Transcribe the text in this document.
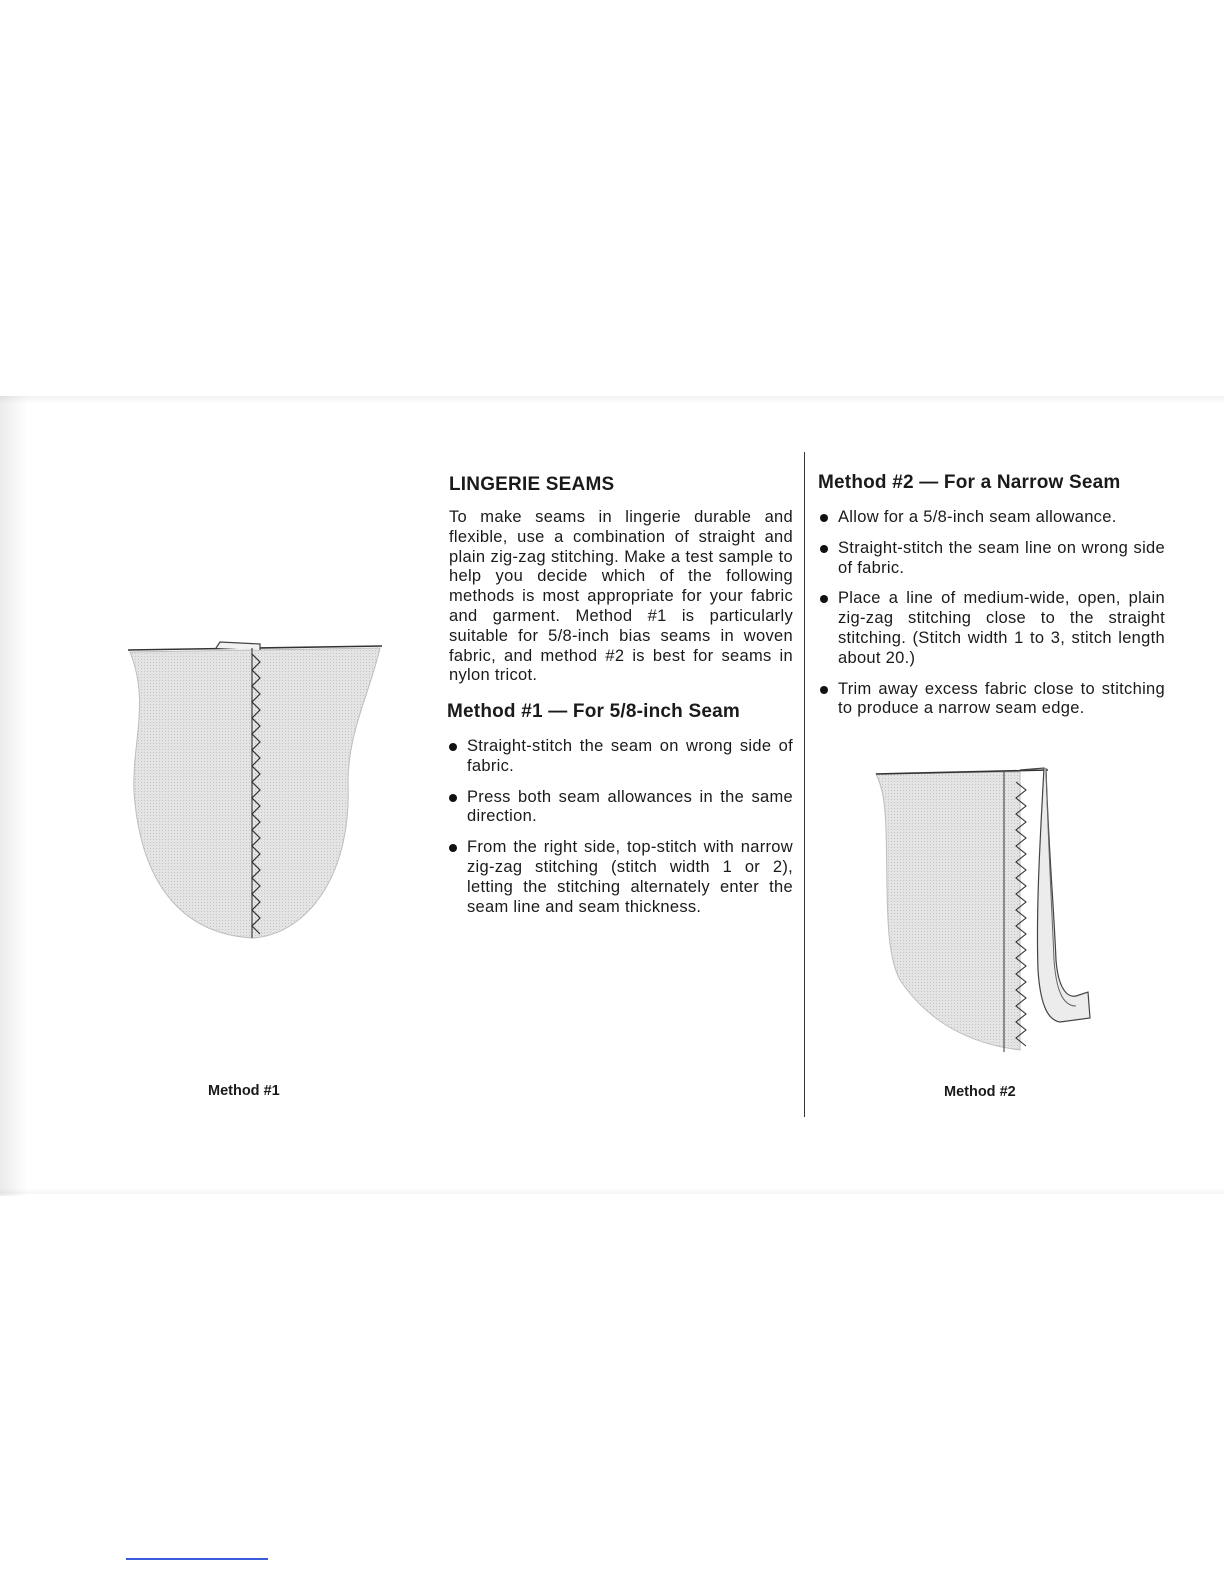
LINGERIE SEAMS

To make seams in lingerie durable and flexible, use a combination of straight and plain zig-zag stitching. Make a test sample to help you decide which of the following methods is most appropriate for your fabric and garment. Method #1 is particularly suitable for 5/8-inch bias seams in woven fabric, and method #2 is best for seams in nylon tricot.

Method #1 — For 5/8-inch Seam
Straight-stitch the seam on wrong side of fabric.
Press both seam allowances in the same direction.
From the right side, top-stitch with narrow zig-zag stitching (stitch width 1 or 2), letting the stitching alternately enter the seam line and seam thickness.
Method #2 — For a Narrow Seam
Allow for a 5/8-inch seam allowance.
Straight-stitch the seam line on wrong side of fabric.
Place a line of medium-wide, open, plain zig-zag stitching close to the straight stitching. (Stitch width 1 to 3, stitch length about 20.)
Trim away excess fabric close to stitching to produce a narrow seam edge.

Method #1	Method #2
